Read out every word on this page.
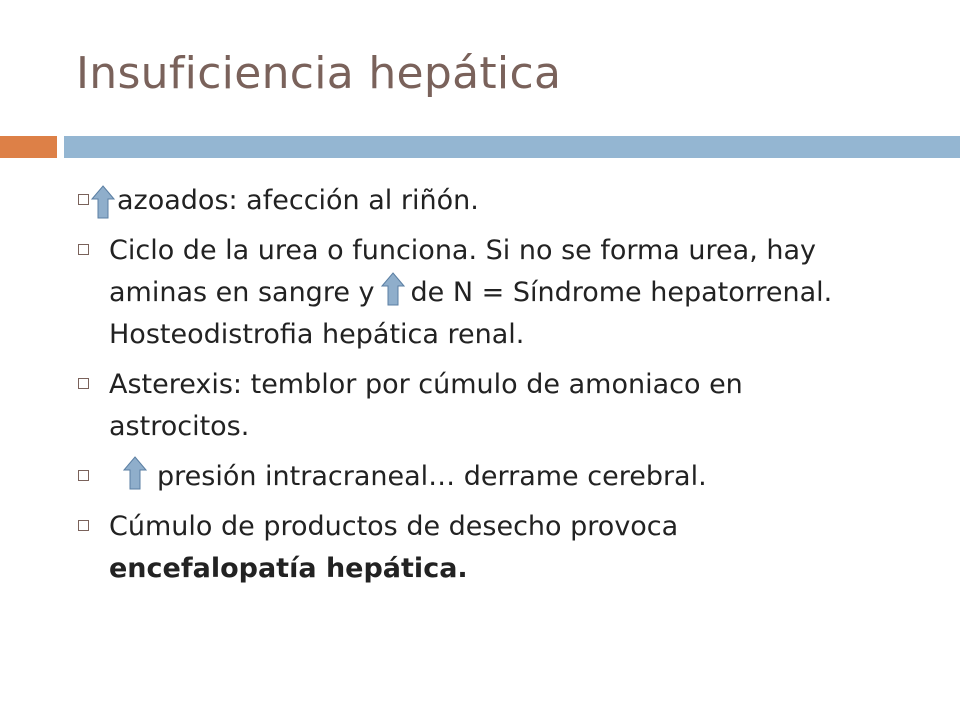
Insuficiencia hepática
azoados: afección al riñón.
Ciclo de la urea o funciona. Si no se forma urea, hay aminas en sangre y de N = Síndrome hepatorrenal. Hosteodistrofia hepática renal.
Asterexis: temblor por cúmulo de amoniaco en astrocitos.
presión intracraneal… derrame cerebral.
Cúmulo de productos de desecho provoca encefalopatía hepática.
